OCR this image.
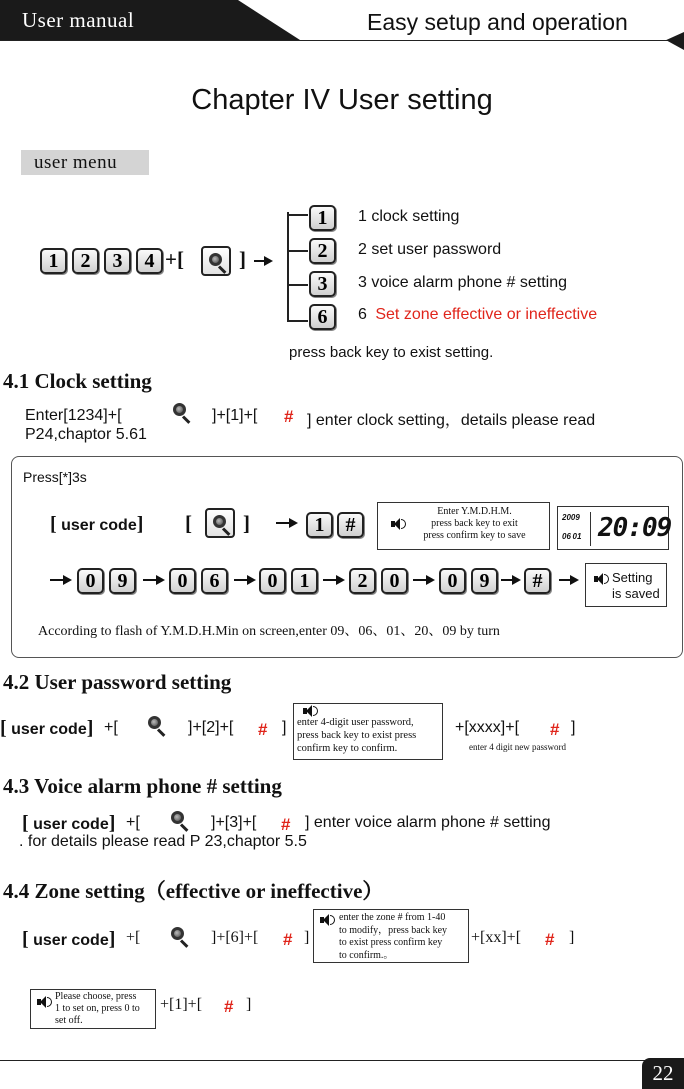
User manual	Easy setup and operation
Chapter IV User setting
user menu
1	2	3	4 +[	]
1
2
3
6
1 clock setting
2 set user password
3 voice alarm phone # setting
6 Set zone effective or ineffective
press back key to exist setting.
4.1 Clock setting
Enter[1234]+[	]+[1]+[ # ] enter clock setting，details please read
P24,chaptor 5.61
Press[*]3s
[ user code] [ ]	1	#
Enter Y.M.D.H.M.
press back key to exit
press confirm key to save
2009
06 01 20:09
0	9	0	6	0	1	2	0	0	9	#	Setting
is saved
According to flash of Y.M.D.H.Min on screen,enter 09、06、01、20、09 by turn
4.2 User password setting
[ user code] +[	]+[2]+[ # ] enter 4-digit user password,
press back key to exist press
confirm key to confirm.
+[xxxx]+[ # ]
enter 4 digit new password
4.3 Voice alarm phone # setting
[ user code] +[	]+[3]+[ # ] enter voice alarm phone # setting
. for details please read P 23,chaptor 5.5
4.4 Zone setting（effective or ineffective）
[ user code] +[	]+[6]+[ # ]
enter the zone # from 1-40
to modify，press back key
to exist press confirm key
to confirm.。
+[xx]+[ # ]
Please choose, press
1 to set on, press 0 to
set off.
+[1]+[ # ]
22
